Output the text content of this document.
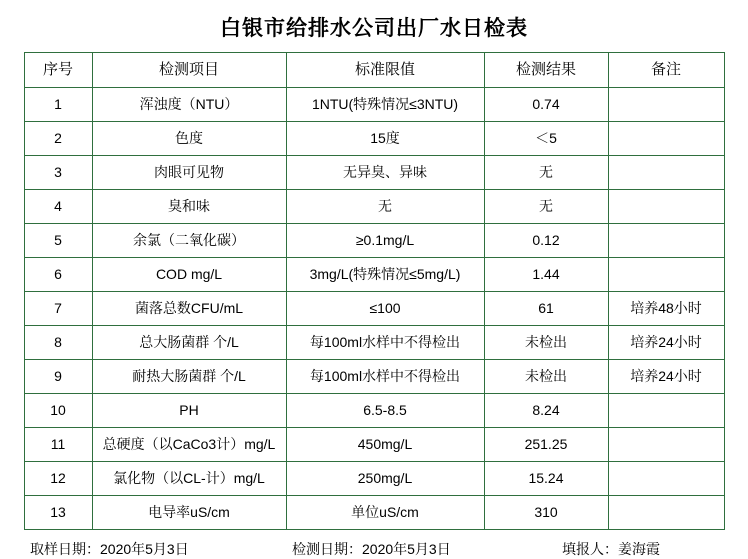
白银市给排水公司出厂水日检表
序号	检测项目	标准限值	检测结果	备注
1	浑浊度（NTU）	1NTU(特殊情况≤3NTU)	0.74	
2	色度	15度	＜5	
3	肉眼可见物	无异臭、异味	无	
4	臭和味	无	无	
5	余氯（二氧化碳）	≥0.1mg/L	0.12	
6	COD mg/L	3mg/L(特殊情况≤5mg/L)	1.44	
7	菌落总数CFU/mL	≤100	61	培养48小时
8	总大肠菌群 个/L	每100ml水样中不得检出	未检出	培养24小时
9	耐热大肠菌群 个/L	每100ml水样中不得检出	未检出	培养24小时
10	PH	6.5-8.5	8.24	
11	总硬度（以CaCo3计）mg/L	450mg/L	251.25	
12	氯化物（以CL-计）mg/L	250mg/L	15.24	
13	电导率uS/cm	单位uS/cm	310	
取样日期：2020年5月3日	检测日期：2020年5月3日	填报人：姜海霞
